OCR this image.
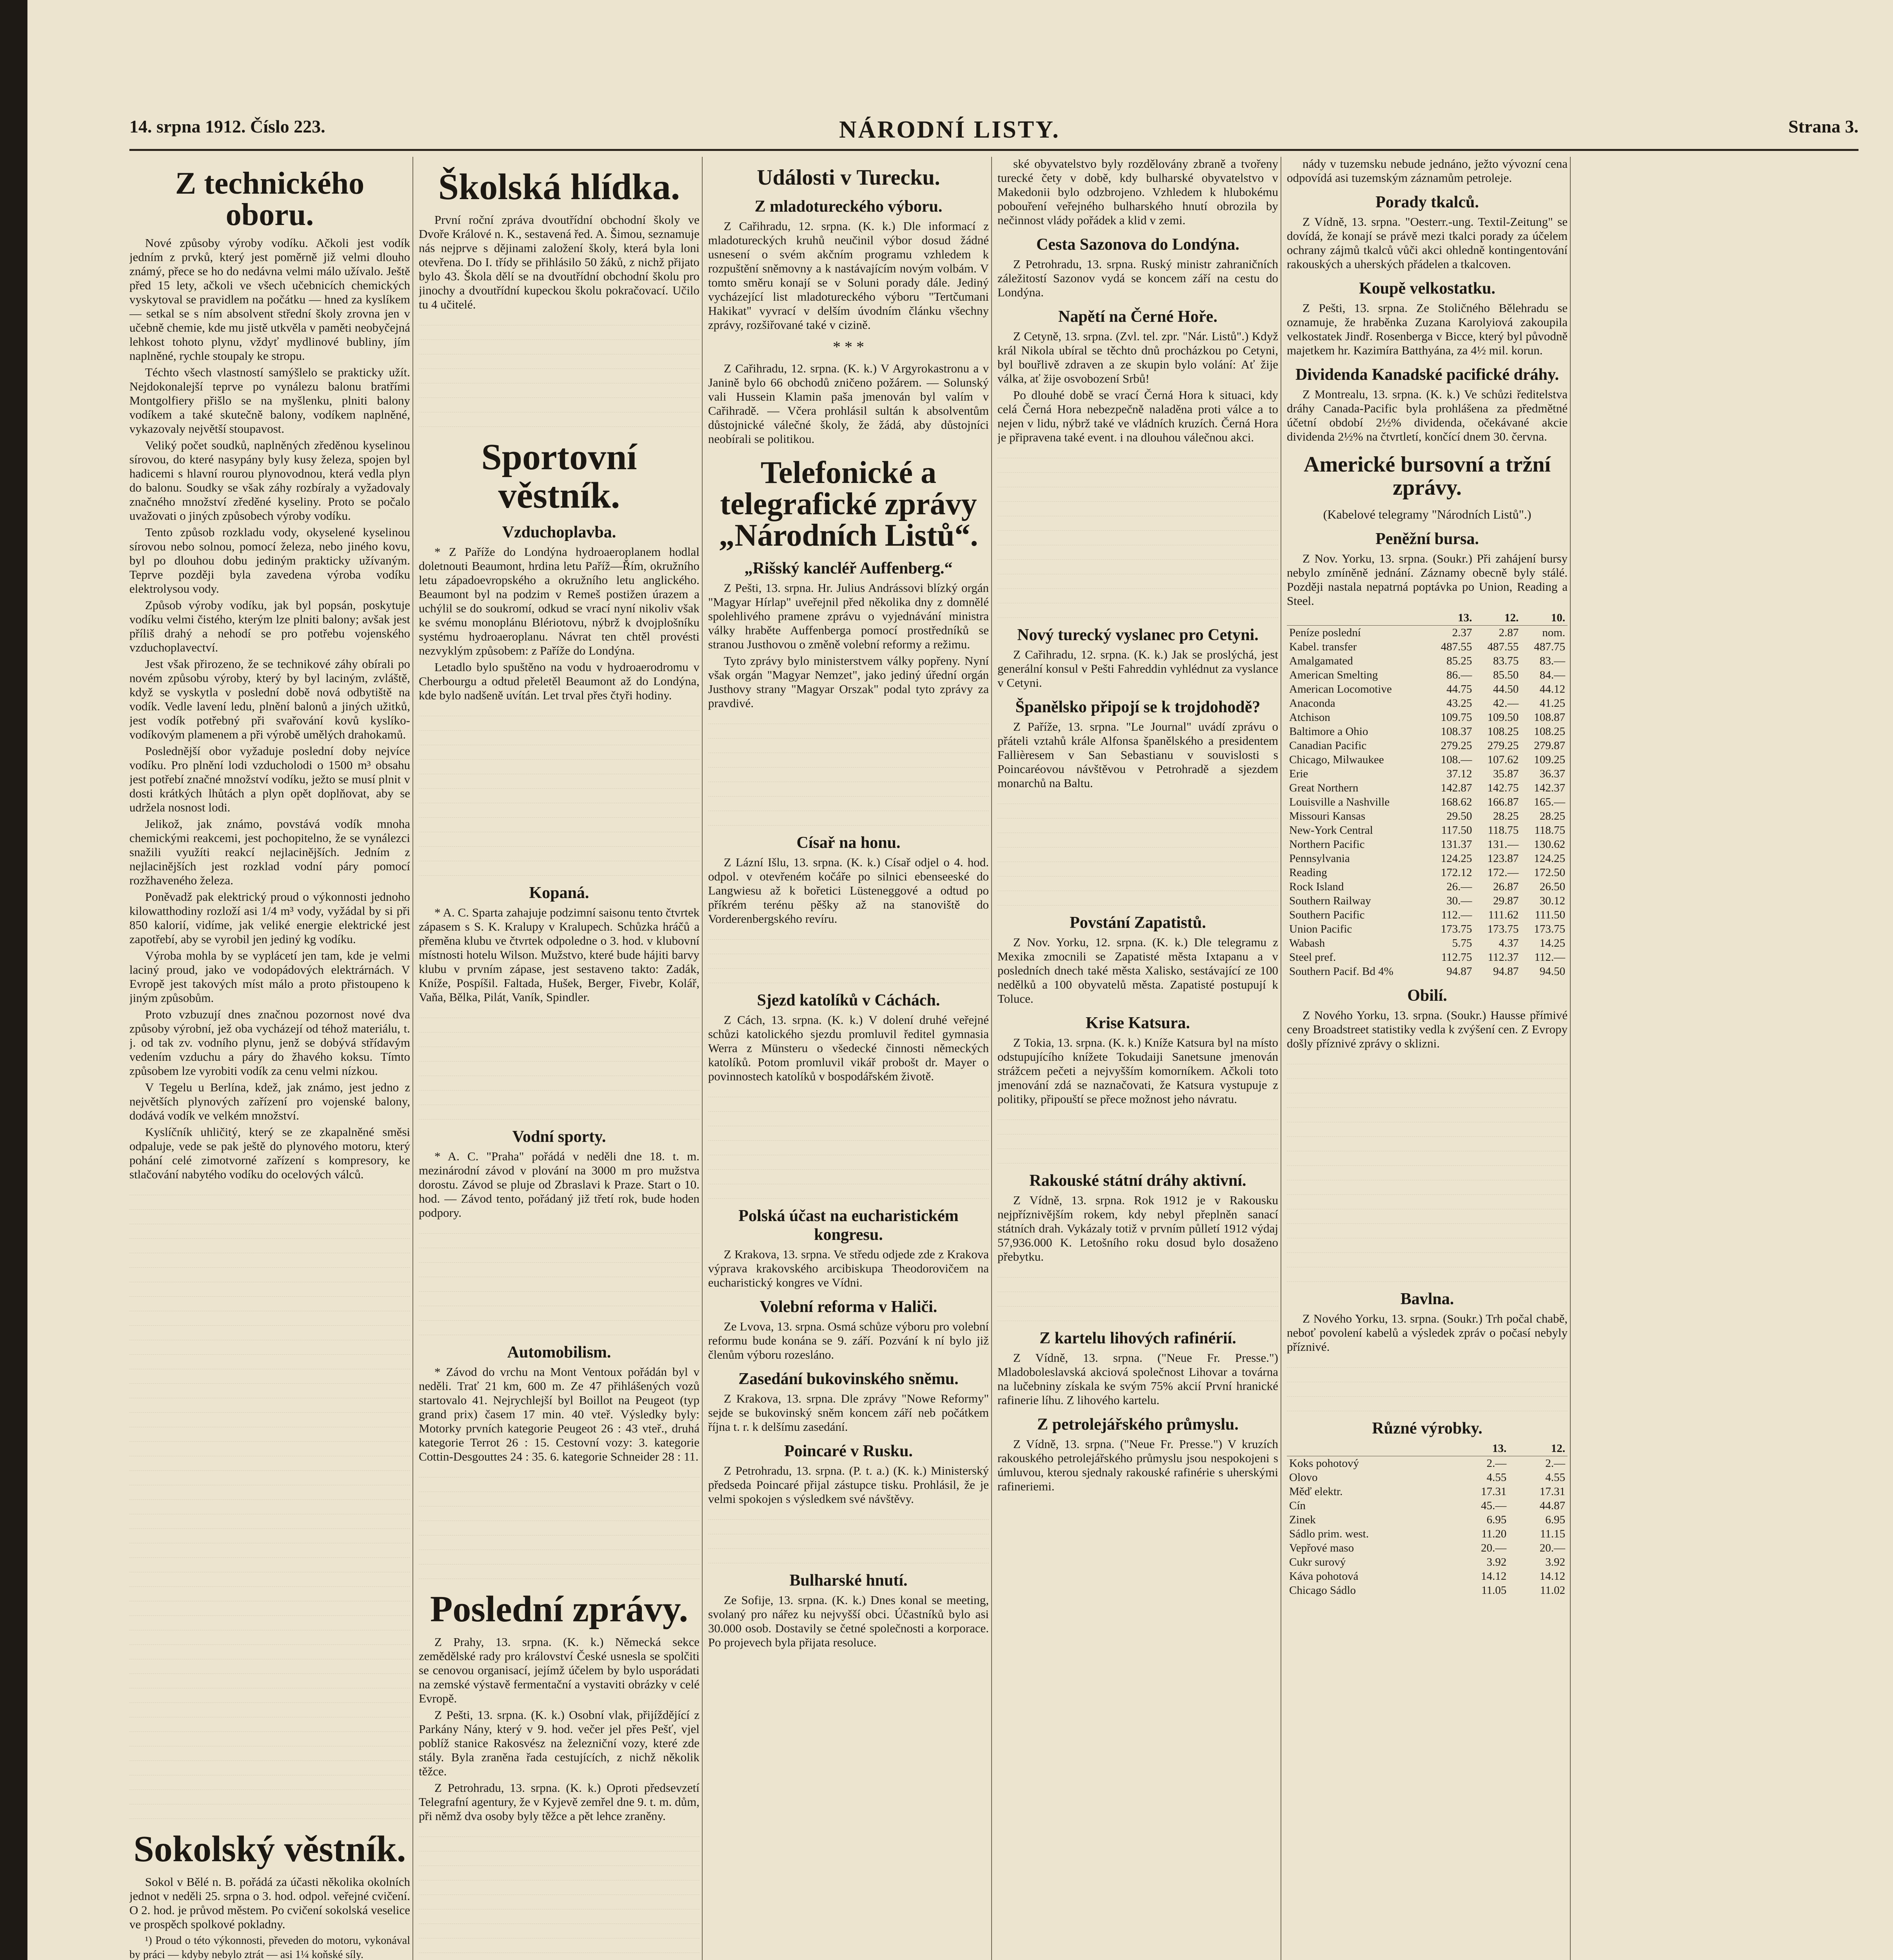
14. srpna 1912. Číslo 223.	NÁRODNÍ LISTY.	Strana 3.
Z technického oboru.

Nové způsoby výroby vodíku. Ačkoli jest vodík jedním z prvků, který jest poměrně již velmi dlouho známý, přece se ho do nedávna velmi málo užívalo. Ještě před 15 lety, ačkoli ve všech učebnicích chemických vyskytoval se pravidlem na počátku — hned za kyslíkem — setkal se s ním absolvent střední školy zrovna jen v učebně chemie, kde mu jistě utkvěla v paměti neobyčejná lehkost tohoto plynu, vždyť mydlinové bubliny, jím naplněné, rychle stoupaly ke stropu.

Téchto všech vlastností samýšlelo se prakticky užít. Nejdokonalejší teprve po vynálezu balonu bratřími Montgolfiery přišlo se na myšlenku, plniti balony vodíkem a také skutečně balony, vodíkem naplněné, vykazovaly největší stoupavost.

Veliký počet soudků, naplněných zředěnou kyselinou sírovou, do které nasypány byly kusy železa, spojen byl hadicemi s hlavní rourou plynovodnou, která vedla plyn do balonu. Soudky se však záhy rozbíraly a vyžadovaly značného množství zředěné kyseliny. Proto se počalo uvažovati o jiných způsobech výroby vodíku.

Tento způsob rozkladu vody, okyselené kyselinou sírovou nebo solnou, pomocí železa, nebo jiného kovu, byl po dlouhou dobu jediným prakticky užívaným. Teprve později byla zavedena výroba vodíku elektrolysou vody.

Způsob výroby vodíku, jak byl popsán, poskytuje vodíku velmi čistého, kterým lze plniti balony; avšak jest příliš drahý a nehodí se pro potřebu vojenského vzduchoplavectví.

Jest však přirozeno, že se technikové záhy obírali po novém způsobu výroby, který by byl laciným, zvláště, když se vyskytla v poslední době nová odbytiště na vodík. Vedle lavení ledu, plnění balonů a jiných užitků, jest vodík potřebný při svařování kovů kyslíko-vodíkovým plamenem a při výrobě umělých drahokamů.

Poslednější obor vyžaduje poslední doby nejvíce vodíku. Pro plnění lodi vzducholodi o 1500 m³ obsahu jest potřebí značné množství vodíku, ježto se musí plnit v dosti krátkých lhůtách a plyn opět doplňovat, aby se udržela nosnost lodi.

Jelikož, jak známo, povstává vodík mnoha chemickými reakcemi, jest pochopitelno, že se vynálezci snažili využíti reakcí nejlacinějších. Jedním z nejlacinějších jest rozklad vodní páry pomocí rozžhaveného železa.

Poněvadž pak elektrický proud o výkonnosti jednoho kilowatthodiny rozloží asi 1/4 m³ vody, vyžádal by si při 850 kalorií, vidíme, jak veliké energie elektrické jest zapotřebí, aby se vyrobil jen jediný kg vodíku.

Výroba mohla by se vyplácetí jen tam, kde je velmi laciný proud, jako ve vodopádových elektrárnách. V Evropě jest takových míst málo a proto přistoupeno k jiným způsobům.

Proto vzbuzují dnes značnou pozornost nové dva způsoby výrobní, jež oba vycházejí od téhož materiálu, t. j. od tak zv. vodního plynu, jenž se dobývá střídavým vedením vzduchu a páry do žhavého koksu. Tímto způsobem lze vyrobiti vodík za cenu velmi nízkou.

V Tegelu u Berlína, kdež, jak známo, jest jedno z největších plynových zařízení pro vojenské balony, dodává vodík ve velkém množství.

Kyslíčník uhličitý, který se ze zkapalněné směsi odpaluje, vede se pak ještě do plynového motoru, který pohání celé zimotvorné zařízení s kompresory, ke stlačování nabytého vodíku do ocelových válců.

Sokolský věstník.

Sokol v Bělé n. B. pořádá za účasti několika okolních jednot v neděli 25. srpna o 3. hod. odpol. veřejné cvičení. O 2. hod. je průvod městem. Po cvičení sokolská veselice ve prospěch spolkové pokladny.

¹) Proud o této výkonnosti, převeden do motoru, vykonával by práci — kdyby nebylo ztrát — asi 1¼ koňské síly.

Školská hlídka.

První roční zpráva dvoutřídní obchodní školy ve Dvoře Králové n. K., sestavená řed. A. Šimou, seznamuje nás nejprve s dějinami založení školy, která byla loni otevřena. Do I. třídy se přihlásilo 50 žáků, z nichž přijato bylo 43. Škola dělí se na dvoutřídní obchodní školu pro jinochy a dvoutřídní kupeckou školu pokračovací. Učilo tu 4 učitelé.

Sportovní věstník.
Vzduchoplavba.

* Z Paříže do Londýna hydroaeroplanem hodlal doletnouti Beaumont, hrdina letu Paříž—Řím, okružního letu západoevropského a okružního letu anglického. Beaumont byl na podzim v Remeš postižen úrazem a uchýlil se do soukromí, odkud se vrací nyní nikoliv však ke svému monoplánu Blériotovu, nýbrž k dvojplošníku systému hydroaeroplanu. Návrat ten chtěl provésti nezvyklým způsobem: z Paříže do Londýna.

Letadlo bylo spuštěno na vodu v hydroaerodromu v Cherbourgu a odtud přeletěl Beaumont až do Londýna, kde bylo nadšeně uvítán. Let trval přes čtyři hodiny.

Kopaná.

* A. C. Sparta zahajuje podzimní saisonu tento čtvrtek zápasem s S. K. Kralupy v Kralupech. Schůzka hráčů a přeměna klubu ve čtvrtek odpoledne o 3. hod. v klubovní místnosti hotelu Wilson. Mužstvo, které bude hájiti barvy klubu v prvním zápase, jest sestaveno takto: Zadák, Kníže, Pospíšil. Faltada, Hušek, Berger, Fivebr, Kolář, Vaňa, Bělka, Pilát, Vaník, Spindler.

Vodní sporty.

* A. C. "Praha" pořádá v neděli dne 18. t. m. mezinárodní závod v plování na 3000 m pro mužstva dorostu. Závod se pluje od Zbraslavi k Praze. Start o 10. hod. — Závod tento, pořádaný již třetí rok, bude hoden podpory.

Automobilism.

* Závod do vrchu na Mont Ventoux pořádán byl v neděli. Trať 21 km, 600 m. Ze 47 přihlášených vozů startovalo 41. Nejrychlejší byl Boillot na Peugeot (typ grand prix) časem 17 min. 40 vteř. Výsledky byly: Motorky prvních kategorie Peugeot 26 : 43 vteř., druhá kategorie Terrot 26 : 15. Cestovní vozy: 3. kategorie Cottin-Desgouttes 24 : 35. 6. kategorie Schneider 28 : 11.

Poslední zprávy.

Z Prahy, 13. srpna. (K. k.) Německá sekce zemědělské rady pro království České usnesla se spolčiti se cenovou organisací, jejímž účelem by bylo usporádati na zemské výstavě fermentační a vystaviti obrázky v celé Evropě.

Z Pešti, 13. srpna. (K. k.) Osobní vlak, přijíždějící z Parkány Nány, který v 9. hod. večer jel přes Pešť, vjel poblíž stanice Rakosvész na železniční vozy, které zde stály. Byla zraněna řada cestujících, z nichž několik těžce.

Z Petrohradu, 13. srpna. (K. k.) Oproti předsevzetí Telegrafní agentury, že v Kyjevě zemřel dne 9. t. m. dům, při němž dva osoby byly těžce a pět lehce zraněny.

Události v Turecku.
Z mladotureckého výboru.

Z Cařihradu, 12. srpna. (K. k.) Dle informací z mladotureckých kruhů neučinil výbor dosud žádné usnesení o svém akčním programu vzhledem k rozpuštění sněmovny a k nastávajícím novým volbám. V tomto směru konají se v Soluni porady dále. Jediný vycházející list mladotureckého výboru "Tertčumani Hakikat" vyvrací v delším úvodním článku všechny zprávy, rozšiřované také v cizině.

* * *

Z Cařihradu, 12. srpna. (K. k.) V Argyrokastronu a v Janině bylo 66 obchodů zničeno požárem. — Solunský vali Hussein Klamin paša jmenován byl valím v Cařihradě. — Včera prohlásil sultán k absolventům důstojnické válečné školy, že žádá, aby důstojníci neobírali se politikou.

Telefonické a telegrafické zprávy „Národních Listů“.
„Rišský kancléř Auffenberg.“

Z Pešti, 13. srpna. Hr. Julius Andrássovi blízký orgán "Magyar Hírlap" uveřejnil před několika dny z domnělé spolehlivého pramene zprávu o vyjednávání ministra války hraběte Auffenberga pomocí prostředníků se stranou Justhovou o změně volební reformy a režimu.

Tyto zprávy bylo ministerstvem války popřeny. Nyní však orgán "Magyar Nemzet", jako jediný úřední orgán Justhovy strany "Magyar Orszak" podal tyto zprávy za pravdivé.

Císař na honu.

Z Lázní Išlu, 13. srpna. (K. k.) Císař odjel o 4. hod. odpol. v otevřeném kočáře po silnici ebenseeské do Langwiesu až k bořetici Lüsteneggové a odtud po příkrém terénu pěšky až na stanoviště do Vorderenbergského revíru.

Sjezd katolíků v Cáchách.

Z Cách, 13. srpna. (K. k.) V dolení druhé veřejné schůzi katolického sjezdu promluvil ředitel gymnasia Werra z Münsteru o všedecké činnosti německých katolíků. Potom promluvil vikář probošt dr. Mayer o povinnostech katolíků v bospodářském životě.

Polská účast na eucharistickém kongresu.

Z Krakova, 13. srpna. Ve středu odjede zde z Krakova výprava krakovského arcibiskupa Theodorovičem na eucharistický kongres ve Vídni.

Volební reforma v Haliči.

Ze Lvova, 13. srpna. Osmá schůze výboru pro volební reformu bude konána se 9. září. Pozvání k ní bylo již členům výboru rozesláno.

Zasedání bukovinského sněmu.

Z Krakova, 13. srpna. Dle zprávy "Nowe Reformy" sejde se bukovinský sněm koncem září neb počátkem října t. r. k delšímu zasedání.

Poincaré v Rusku.

Z Petrohradu, 13. srpna. (P. t. a.) (K. k.) Ministerský předseda Poincaré přijal zástupce tisku. Prohlásil, že je velmi spokojen s výsledkem své návštěvy.

Bulharské hnutí.

Ze Sofije, 13. srpna. (K. k.) Dnes konal se meeting, svolaný pro nářez ku nejvyšší obci. Účastníků bylo asi 30.000 osob. Dostavily se četné společnosti a korporace. Po projevech byla přijata resoluce.

ské obyvatelstvo byly rozdělovány zbraně a tvořeny turecké čety v době, kdy bulharské obyvatelstvo v Makedonii bylo odzbrojeno. Vzhledem k hlubokému pobouření veřejného bulharského hnutí obrozila by nečinnost vlády pořádek a klid v zemi.

Cesta Sazonova do Londýna.

Z Petrohradu, 13. srpna. Ruský ministr zahraničních záležitostí Sazonov vydá se koncem září na cestu do Londýna.

Napětí na Černé Hoře.

Z Cetyně, 13. srpna. (Zvl. tel. zpr. "Nár. Listů".) Když král Nikola ubíral se těchto dnů procházkou po Cetyni, byl bouřlivě zdraven a ze skupin bylo volání: Ať žije válka, ať žije osvobození Srbů!

Po dlouhé době se vrací Černá Hora k situaci, kdy celá Černá Hora nebezpečně naladěna proti válce a to nejen v lidu, nýbrž také ve vládních kruzích. Černá Hora je připravena také event. i na dlouhou válečnou akci.

Nový turecký vyslanec pro Cetyni.

Z Cařihradu, 12. srpna. (K. k.) Jak se proslýchá, jest generální konsul v Pešti Fahreddin vyhlédnut za vyslance v Cetyni.

Španělsko připojí se k trojdohodě?

Z Paříže, 13. srpna. "Le Journal" uvádí zprávu o přáteli vztahů krále Alfonsa španělského a presidentem Fallièresem v San Sebastianu v souvislosti s Poincaréovou návštěvou v Petrohradě a sjezdem monarchů na Baltu.

Povstání Zapatistů.

Z Nov. Yorku, 12. srpna. (K. k.) Dle telegramu z Mexika zmocnili se Zapatisté města Ixtapanu a v posledních dnech také města Xalisko, sestávající ze 100 nedělků a 100 obyvatelů města. Zapatisté postupují k Toluce.

Krise Katsura.

Z Tokia, 13. srpna. (K. k.) Kníže Katsura byl na místo odstupujícího knížete Tokudaiji Sanetsune jmenován strážcem pečeti a nejvyšším komorníkem. Ačkoli toto jmenování zdá se naznačovati, že Katsura vystupuje z politiky, připouští se přece možnost jeho návratu.

Rakouské státní dráhy aktivní.

Z Vídně, 13. srpna. Rok 1912 je v Rakousku nejpříznivějším rokem, kdy nebyl přeplněn sanací státních drah. Vykázaly totiž v prvním půlletí 1912 výdaj 57,936.000 K. Letošního roku dosud bylo dosaženo přebytku.

Z kartelu lihových rafinérií.

Z Vídně, 13. srpna. ("Neue Fr. Presse.") Mladoboleslavská akciová společnost Lihovar a továrna na lučebniny získala ke svým 75% akcií První hranické rafinerie líhu. Z lihového kartelu.

Z petrolejářského průmyslu.

Z Vídně, 13. srpna. ("Neue Fr. Presse.") V kruzích rakouského petrolejářského průmyslu jsou nespokojeni s úmluvou, kterou sjednaly rakouské rafinérie s uherskými rafineriemi.

nády v tuzemsku nebude jednáno, ježto vývozní cena odpovídá asi tuzemským záznamům petroleje.

Porady tkalců.

Z Vídně, 13. srpna. "Oesterr.-ung. Textil-Zeitung" se dovídá, že konají se právě mezi tkalci porady za účelem ochrany zájmů tkalců vůči akci ohledně kontingentování rakouských a uherských přádelen a tkalcoven.

Koupě velkostatku.

Z Pešti, 13. srpna. Ze Stoličného Bělehradu se oznamuje, že hraběnka Zuzana Karolyiová zakoupila velkostatek Jindř. Rosenberga v Bicce, který byl původně majetkem hr. Kazimíra Batthyána, za 4½ mil. korun.

Dividenda Kanadské pacifické dráhy.

Z Montrealu, 13. srpna. (K. k.) Ve schůzi ředitelstva dráhy Canada-Pacific byla prohlášena za předmětné účetní období 2½% dividenda, očekávané akcie dividenda 2½% na čtvrtletí, končící dnem 30. června.

Americké bursovní a tržní zprávy.
(Kabelové telegramy "Národních Listů".)
Peněžní bursa.

Z Nov. Yorku, 13. srpna. (Soukr.) Při zahájení bursy nebylo zmíněně jednání. Záznamy obecně byly stálé. Později nastala nepatrná poptávka po Union, Reading a Steel.

	13.	12.	10.
Peníze poslední	2.37	2.87	nom.
Kabel. transfer	487.55	487.55	487.75
Amalgamated	85.25	83.75	83.—
American Smelting	86.—	85.50	84.—
American Locomotive	44.75	44.50	44.12
Anaconda	43.25	42.—	41.25
Atchison	109.75	109.50	108.87
Baltimore a Ohio	108.37	108.25	108.25
Canadian Pacific	279.25	279.25	279.87
Chicago, Milwaukee	108.—	107.62	109.25
Erie	37.12	35.87	36.37
Great Northern	142.87	142.75	142.37
Louisville a Nashville	168.62	166.87	165.—
Missouri Kansas	29.50	28.25	28.25
New-York Central	117.50	118.75	118.75
Northern Pacific	131.37	131.—	130.62
Pennsylvania	124.25	123.87	124.25
Reading	172.12	172.—	172.50
Rock Island	26.—	26.87	26.50
Southern Railway	30.—	29.87	30.12
Southern Pacific	112.—	111.62	111.50
Union Pacific	173.75	173.75	173.75
Wabash	5.75	4.37	14.25
Steel pref.	112.75	112.37	112.—
Southern Pacif. Bd 4%	94.87	94.87	94.50
Obilí.

Z Nového Yorku, 13. srpna. (Soukr.) Hausse přímivé ceny Broadstreet statistiky vedla k zvýšení cen. Z Evropy došly příznivé zprávy o sklizni.

Bavlna.

Z Nového Yorku, 13. srpna. (Soukr.) Trh počal chabě, neboť povolení kabelů a výsledek zpráv o počasí nebyly příznivé.

Různé výrobky.
	13.	12.
Koks pohotový	2.—	2.—
Olovo	4.55	4.55
Měď elektr.	17.31	17.31
Cín	45.—	44.87
Zinek	6.95	6.95
Sádlo prim. west.	11.20	11.15
Vepřové maso	20.—	20.—
Cukr surový	3.92	3.92
Káva pohotová	14.12	14.12
Chicago Sádlo	11.05	11.02
